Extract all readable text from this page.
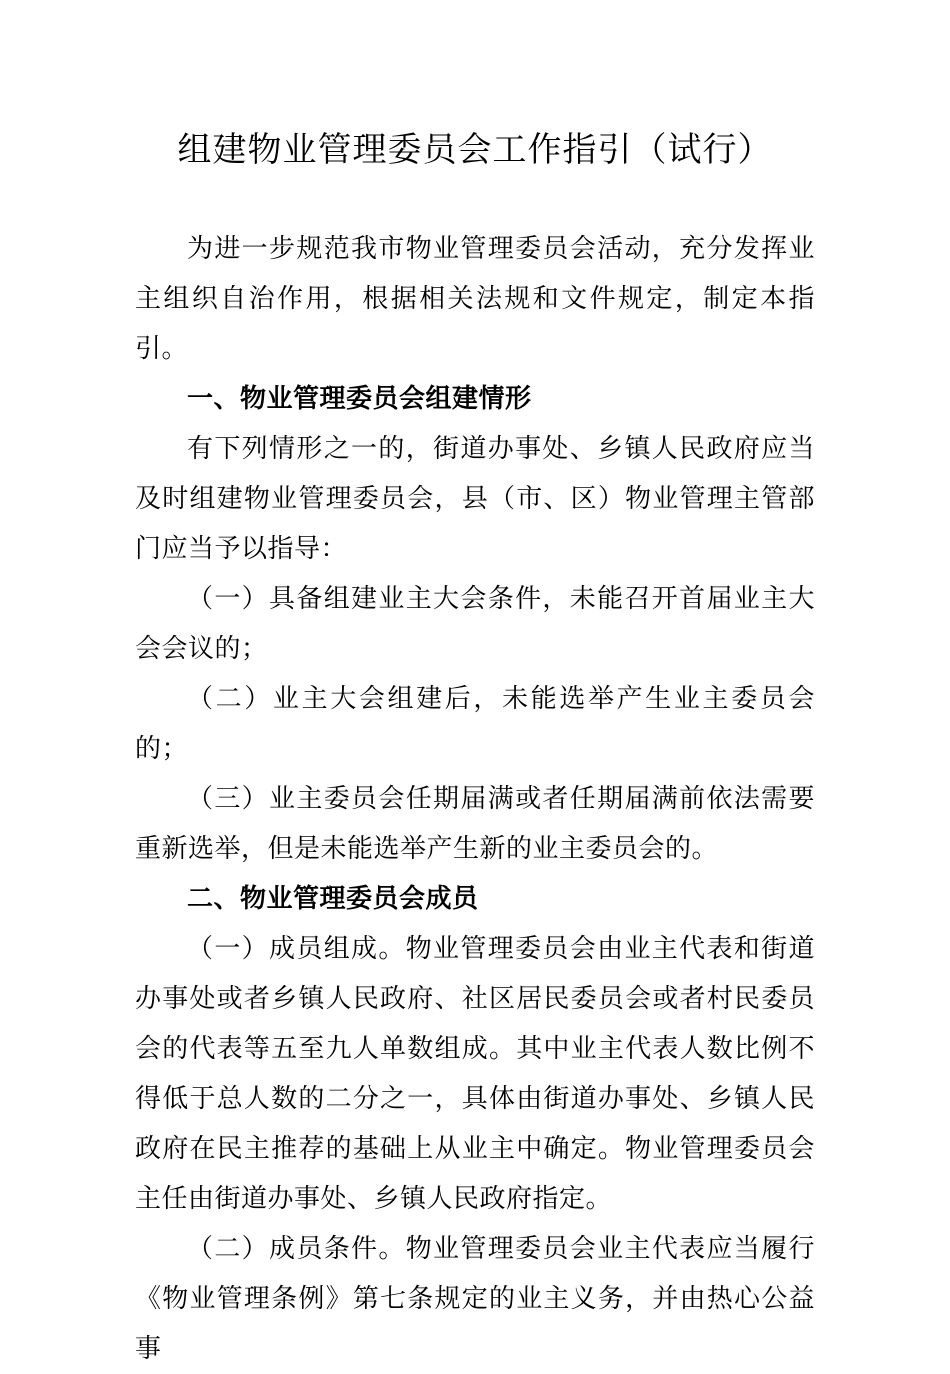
组建物业管理委员会工作指引（试行）

为进一步规范我市物业管理委员会活动，充分发挥业主组织自治作用，根据相关法规和文件规定，制定本指引。

一、物业管理委员会组建情形

有下列情形之一的，街道办事处、乡镇人民政府应当及时组建物业管理委员会，县（市、区）物业管理主管部门应当予以指导：

（一）具备组建业主大会条件，未能召开首届业主大会会议的；

（二）业主大会组建后，未能选举产生业主委员会的；

（三）业主委员会任期届满或者任期届满前依法需要重新选举，但是未能选举产生新的业主委员会的。

二、物业管理委员会成员

（一）成员组成。物业管理委员会由业主代表和街道办事处或者乡镇人民政府、社区居民委员会或者村民委员会的代表等五至九人单数组成。其中业主代表人数比例不得低于总人数的二分之一，具体由街道办事处、乡镇人民政府在民主推荐的基础上从业主中确定。物业管理委员会主任由街道办事处、乡镇人民政府指定。

（二）成员条件。物业管理委员会业主代表应当履行《物业管理条例》第七条规定的业主义务，并由热心公益事
